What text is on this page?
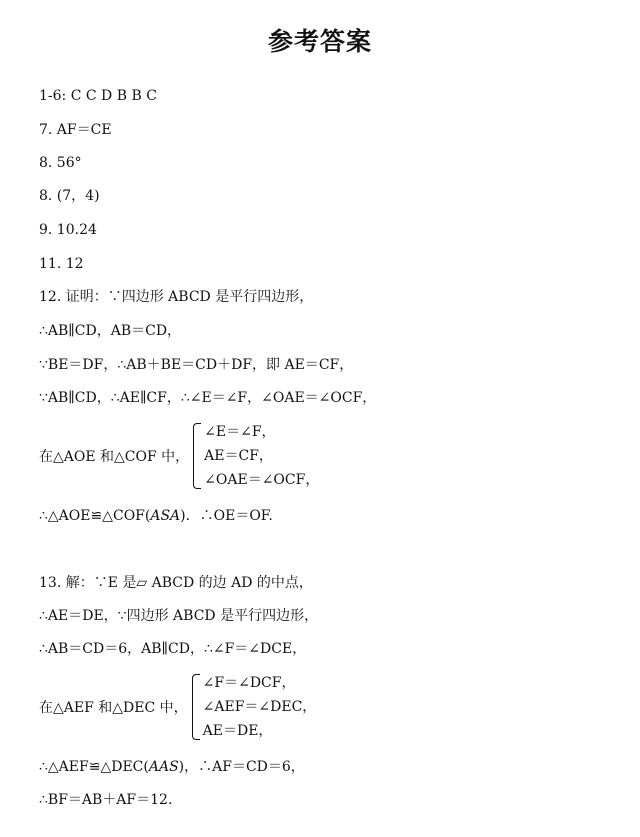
参考答案
1-6: C C D B B C
7. AF＝CE
8. 56°
8. (7，4)
9. 10.24
11. 12
12. 证明：∵四边形 ABCD 是平行四边形，
∴AB∥CD，AB＝CD，
∵BE＝DF，∴AB＋BE＝CD＋DF，即 AE＝CF，
∵AB∥CD，∴AE∥CF，∴∠E＝∠F，∠OAE＝∠OCF，
在△AOE 和△COF 中，
∠E＝∠F，
AE＝CF，
∠OAE＝∠OCF，
∴△AOE≌△COF(ASA)．∴OE＝OF.
13. 解：∵E 是▱ ABCD 的边 AD 的中点，
∴AE＝DE，∵四边形 ABCD 是平行四边形，
∴AB＝CD＝6，AB∥CD，∴∠F＝∠DCE，
在△AEF 和△DEC 中，
∠F＝∠DCF，
∠AEF＝∠DEC，
AE＝DE，
∴△AEF≌△DEC(AAS)，∴AF＝CD＝6，
∴BF＝AB＋AF＝12.
